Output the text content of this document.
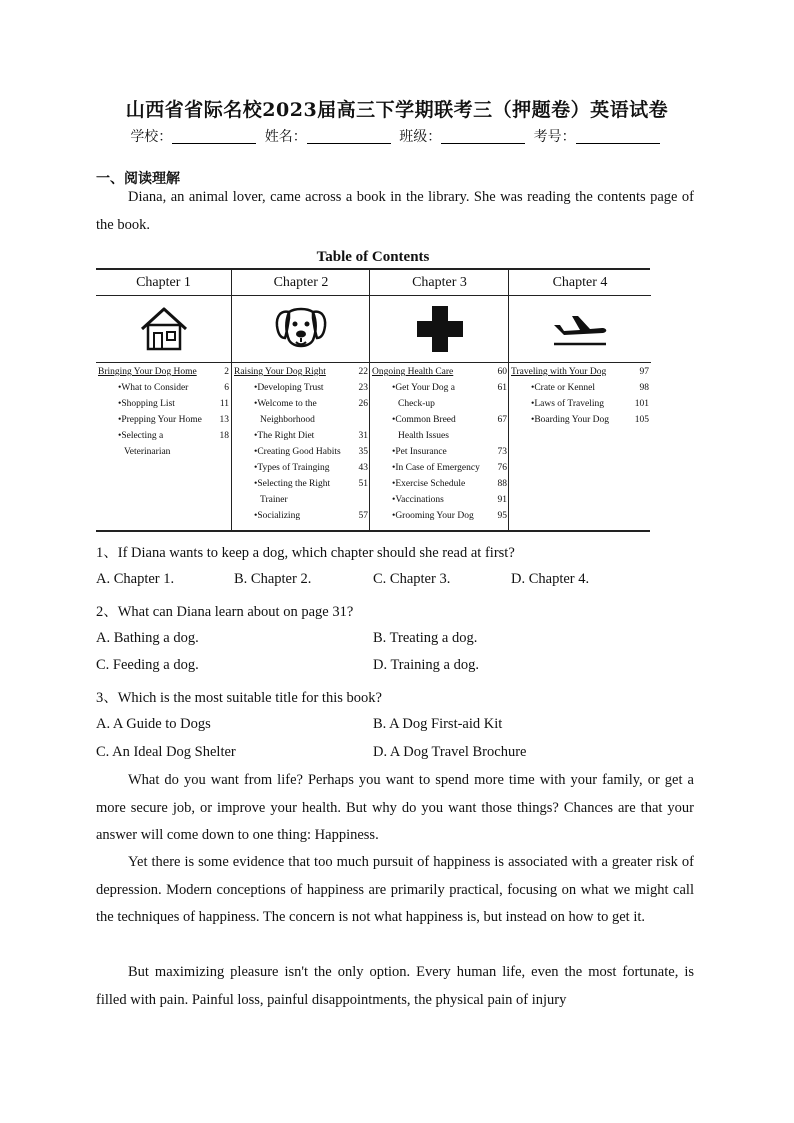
山西省省际名校2023届高三下学期联考三（押题卷）英语试卷
学校：	姓名：	班级：	考号：
一、阅读理解
Diana, an animal lover, came across a book in the library. She was reading the contents page of the book.
Table of Contents
Chapter 1
Bringing Your Dog Home	2
•What to Consider	6
•Shopping List	11
•Prepping Your Home	13
•Selecting a	18
Veterinarian
Chapter 2
Raising Your Dog Right	22
•Developing Trust	23
•Welcome to the	26
Neighborhood
•The Right Diet	31
•Creating Good Habits	35
•Types of Trainging	43
•Selecting the Right	51
Trainer
•Socializing	57
Chapter 3
Ongoing Health Care	60
•Get Your Dog a	61
Check-up
•Common Breed	67
Health Issues
•Pet Insurance	73
•In Case of Emergency	76
•Exercise Schedule	88
•Vaccinations	91
•Grooming Your Dog	95
Chapter 4
Traveling with Your Dog	97
•Crate or Kennel	98
•Laws of Traveling	101
•Boarding Your Dog	105
1、If Diana wants to keep a dog, which chapter should she read at first?
A. Chapter 1.	B. Chapter 2.	C. Chapter 3.	D. Chapter 4.
2、What can Diana learn about on page 31?
A. Bathing a dog.	B. Treating a dog.
C. Feeding a dog.	D. Training a dog.
3、Which is the most suitable title for this book?
A. A Guide to Dogs	B. A Dog First-aid Kit
C. An Ideal Dog Shelter	D. A Dog Travel Brochure
What do you want from life? Perhaps you want to spend more time with your family, or get a more secure job, or improve your health. But why do you want those things? Chances are that your answer will come down to one thing: Happiness.
Yet there is some evidence that too much pursuit of happiness is associated with a greater risk of depression. Modern conceptions of happiness are primarily practical, focusing on what we might call the techniques of happiness. The concern is not what happiness is, but instead on how to get it.
But maximizing pleasure isn't the only option. Every human life, even the most fortunate, is filled with pain. Painful loss, painful disappointments, the physical pain of injury
